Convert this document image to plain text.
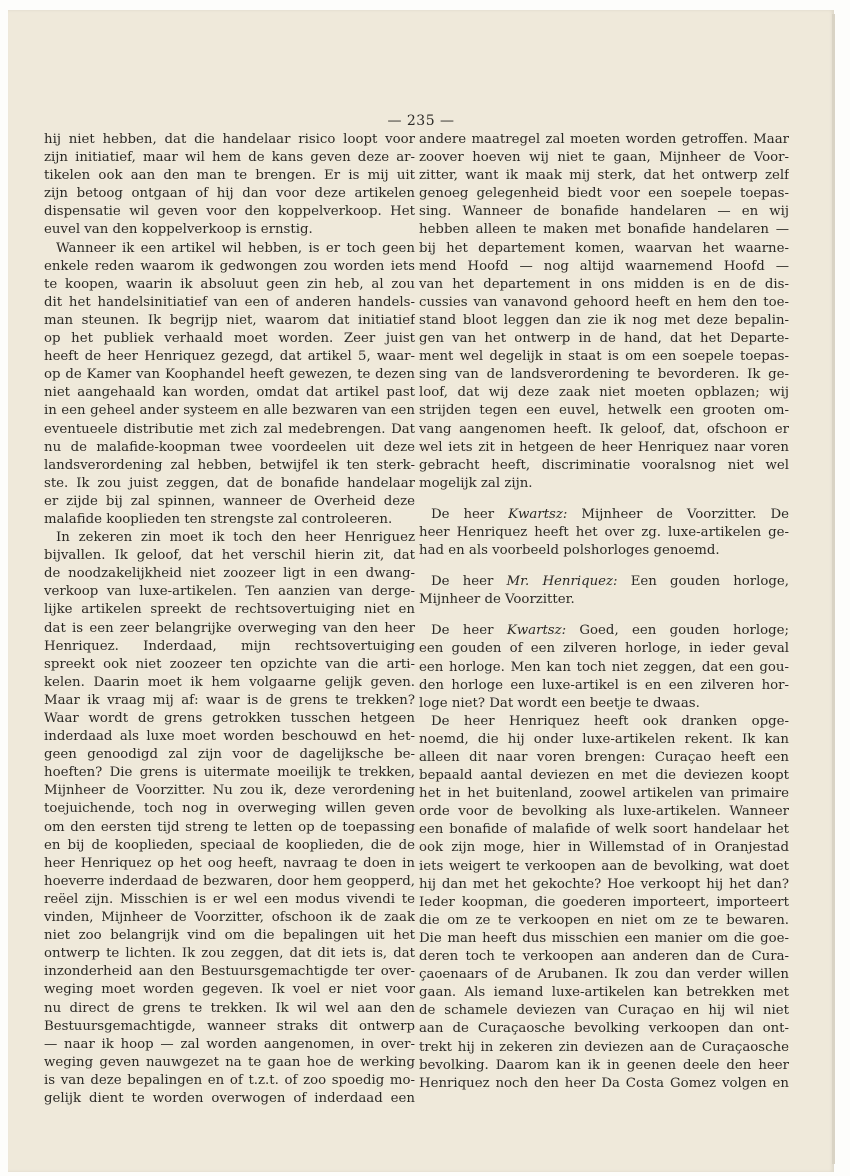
— 235 —
hij niet hebben, dat die handelaar risico loopt voor
zijn initiatief, maar wil hem de kans geven deze ar-
tikelen ook aan den man te brengen. Er is mij uit
zijn betoog ontgaan of hij dan voor deze artikelen
dispensatie wil geven voor den koppelverkoop. Het
euvel van den koppelverkoop is ernstig.
Wanneer ik een artikel wil hebben, is er toch geen
enkele reden waarom ik gedwongen zou worden iets
te koopen, waarin ik absoluut geen zin heb, al zou
dit het handelsinitiatief van een of anderen handels-
man steunen. Ik begrijp niet, waarom dat initiatief
op het publiek verhaald moet worden. Zeer juist
heeft de heer Henriquez gezegd, dat artikel 5, waar-
op de Kamer van Koophandel heeft gewezen, te dezen
niet aangehaald kan worden, omdat dat artikel past
in een geheel ander systeem en alle bezwaren van een
eventueele distributie met zich zal medebrengen. Dat
nu de malafide-koopman twee voordeelen uit deze
landsverordening zal hebben, betwijfel ik ten sterk-
ste. Ik zou juist zeggen, dat de bonafide handelaar
er zijde bij zal spinnen, wanneer de Overheid deze
malafide kooplieden ten strengste zal controleeren.
In zekeren zin moet ik toch den heer Henriguez
bijvallen. Ik geloof, dat het verschil hierin zit, dat
de noodzakelijkheid niet zoozeer ligt in een dwang-
verkoop van luxe-artikelen. Ten aanzien van derge-
lijke artikelen spreekt de rechtsovertuiging niet en
dat is een zeer belangrijke overweging van den heer
Henriquez. Inderdaad, mijn rechtsovertuiging
spreekt ook niet zoozeer ten opzichte van die arti-
kelen. Daarin moet ik hem volgaarne gelijk geven.
Maar ik vraag mij af: waar is de grens te trekken?
Waar wordt de grens getrokken tusschen hetgeen
inderdaad als luxe moet worden beschouwd en het-
geen genoodigd zal zijn voor de dagelijksche be-
hoeften? Die grens is uitermate moeilijk te trekken,
Mijnheer de Voorzitter. Nu zou ik, deze verordening
toejuichende, toch nog in overweging willen geven
om den eersten tijd streng te letten op de toepassing
en bij de kooplieden, speciaal de kooplieden, die de
heer Henriquez op het oog heeft, navraag te doen in
hoeverre inderdaad de bezwaren, door hem geopperd,
reëel zijn. Misschien is er wel een modus vivendi te
vinden, Mijnheer de Voorzitter, ofschoon ik de zaak
niet zoo belangrijk vind om die bepalingen uit het
ontwerp te lichten. Ik zou zeggen, dat dit iets is, dat
inzonderheid aan den Bestuursgemachtigde ter over-
weging moet worden gegeven. Ik voel er niet voor
nu direct de grens te trekken. Ik wil wel aan den
Bestuursgemachtigde, wanneer straks dit ontwerp
— naar ik hoop — zal worden aangenomen, in over-
weging geven nauwgezet na te gaan hoe de werking
is van deze bepalingen en of t.z.t. of zoo spoedig mo-
gelijk dient te worden overwogen of inderdaad een
andere maatregel zal moeten worden getroffen. Maar
zoover hoeven wij niet te gaan, Mijnheer de Voor-
zitter, want ik maak mij sterk, dat het ontwerp zelf
genoeg gelegenheid biedt voor een soepele toepas-
sing. Wanneer de bonafide handelaren — en wij
hebben alleen te maken met bonafide handelaren —
bij het departement komen, waarvan het waarne-
mend Hoofd — nog altijd waarnemend Hoofd —
van het departement in ons midden is en de dis-
cussies van vanavond gehoord heeft en hem den toe-
stand bloot leggen dan zie ik nog met deze bepalin-
gen van het ontwerp in de hand, dat het Departe-
ment wel degelijk in staat is om een soepele toepas-
sing van de landsverordening te bevorderen. Ik ge-
loof, dat wij deze zaak niet moeten opblazen; wij
strijden tegen een euvel, hetwelk een grooten om-
vang aangenomen heeft. Ik geloof, dat, ofschoon er
wel iets zit in hetgeen de heer Henriquez naar voren
gebracht heeft, discriminatie vooralsnog niet wel
mogelijk zal zijn.
De heer Kwartsz: Mijnheer de Voorzitter. De
heer Henriquez heeft het over zg. luxe-artikelen ge-
had en als voorbeeld polshorloges genoemd.
De heer Mr. Henriquez: Een gouden horloge,
Mijnheer de Voorzitter.
De heer Kwartsz: Goed, een gouden horloge;
een gouden of een zilveren horloge, in ieder geval
een horloge. Men kan toch niet zeggen, dat een gou-
den horloge een luxe-artikel is en een zilveren hor-
loge niet? Dat wordt een beetje te dwaas.
De heer Henriquez heeft ook dranken opge-
noemd, die hij onder luxe-artikelen rekent. Ik kan
alleen dit naar voren brengen: Curaçao heeft een
bepaald aantal deviezen en met die deviezen koopt
het in het buitenland, zoowel artikelen van primaire
orde voor de bevolking als luxe-artikelen. Wanneer
een bonafide of malafide of welk soort handelaar het
ook zijn moge, hier in Willemstad of in Oranjestad
iets weigert te verkoopen aan de bevolking, wat doet
hij dan met het gekochte? Hoe verkoopt hij het dan?
Ieder koopman, die goederen importeert, importeert
die om ze te verkoopen en niet om ze te bewaren.
Die man heeft dus misschien een manier om die goe-
deren toch te verkoopen aan anderen dan de Cura-
çaoenaars of de Arubanen. Ik zou dan verder willen
gaan. Als iemand luxe-artikelen kan betrekken met
de schamele deviezen van Curaçao en hij wil niet
aan de Curaçaosche bevolking verkoopen dan ont-
trekt hij in zekeren zin deviezen aan de Curaçaosche
bevolking. Daarom kan ik in geenen deele den heer
Henriquez noch den heer Da Costa Gomez volgen en
